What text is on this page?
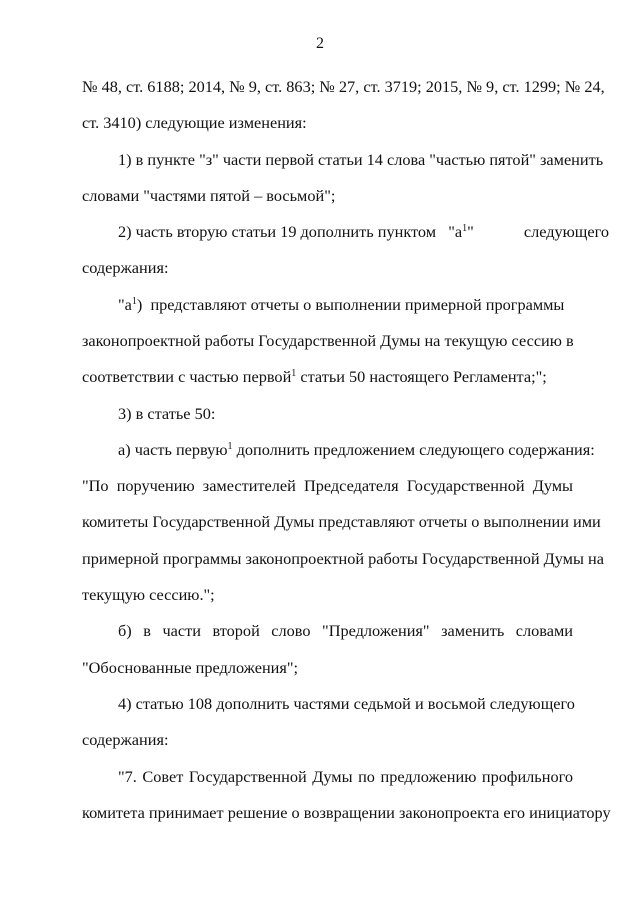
2
№ 48, ст. 6188; 2014, № 9, ст. 863; № 27, ст. 3719; 2015, № 9, ст. 1299; № 24,
ст. 3410) следующие изменения:
1) в пункте "з" части первой статьи 14 слова "частью пятой" заменить
словами "частями пятой – восьмой";
2) часть вторую статьи 19 дополнить пунктом "$а^1$"	следующего
содержания:
"$а^1$) представляют отчеты о выполнении примерной программы
законопроектной работы Государственной Думы на текущую сессию в
соответствии с частью первой$^1$ статьи 50 настоящего Регламента;";
3) в статье 50:
а) часть первую$^1$ дополнить предложением следующего содержания:
"По поручению заместителей Председателя Государственной Думы
комитеты Государственной Думы представляют отчеты о выполнении ими
примерной программы законопроектной работы Государственной Думы на
текущую сессию.";
б) в части второй слово "Предложения" заменить словами
"Обоснованные предложения";
4) статью 108 дополнить частями седьмой и восьмой следующего
содержания:
"7. Совет Государственной Думы по предложению профильного
комитета принимает решение о возвращении законопроекта его инициатору
